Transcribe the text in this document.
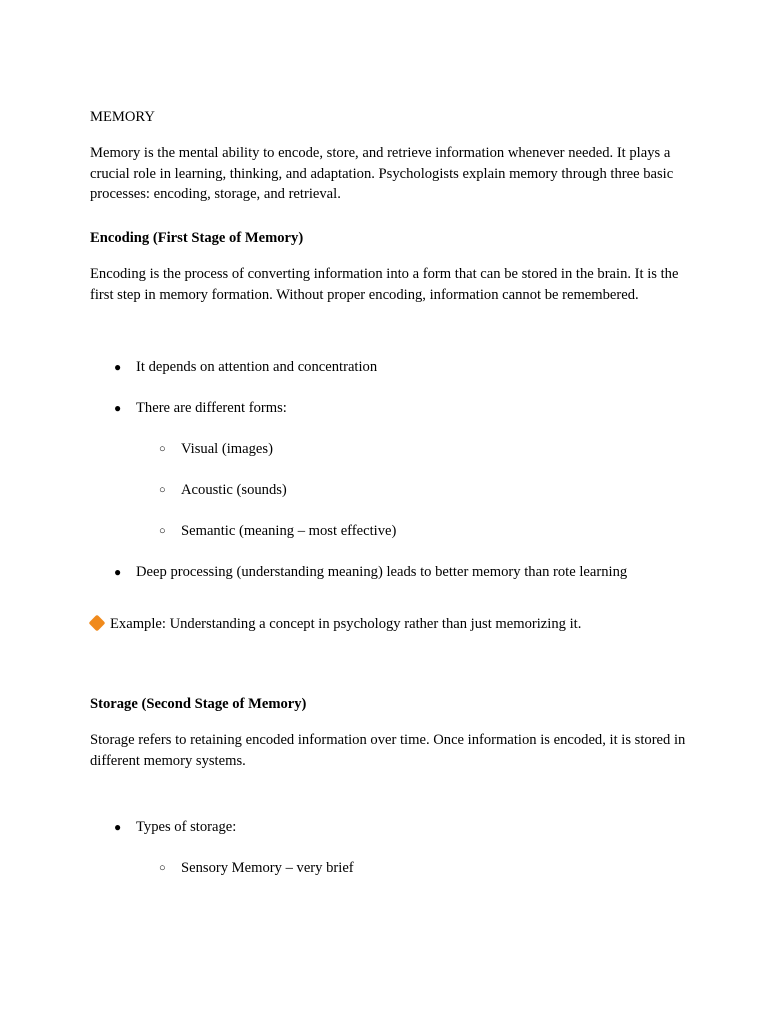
MEMORY

Memory is the mental ability to encode, store, and retrieve information whenever needed. It plays a crucial role in learning, thinking, and adaptation. Psychologists explain memory through three basic processes: encoding, storage, and retrieval.

Encoding (First Stage of Memory)

Encoding is the process of converting information into a form that can be stored in the brain. It is the first step in memory formation. Without proper encoding, information cannot be remembered.

● It depends on attention and concentration
● There are different forms:
○ Visual (images)
○ Acoustic (sounds)
○ Semantic (meaning – most effective)
● Deep processing (understanding meaning) leads to better memory than rote learning
Example: Understanding a concept in psychology rather than just memorizing it.

Storage (Second Stage of Memory)

Storage refers to retaining encoded information over time. Once information is encoded, it is stored in different memory systems.

● Types of storage:
○ Sensory Memory – very brief
